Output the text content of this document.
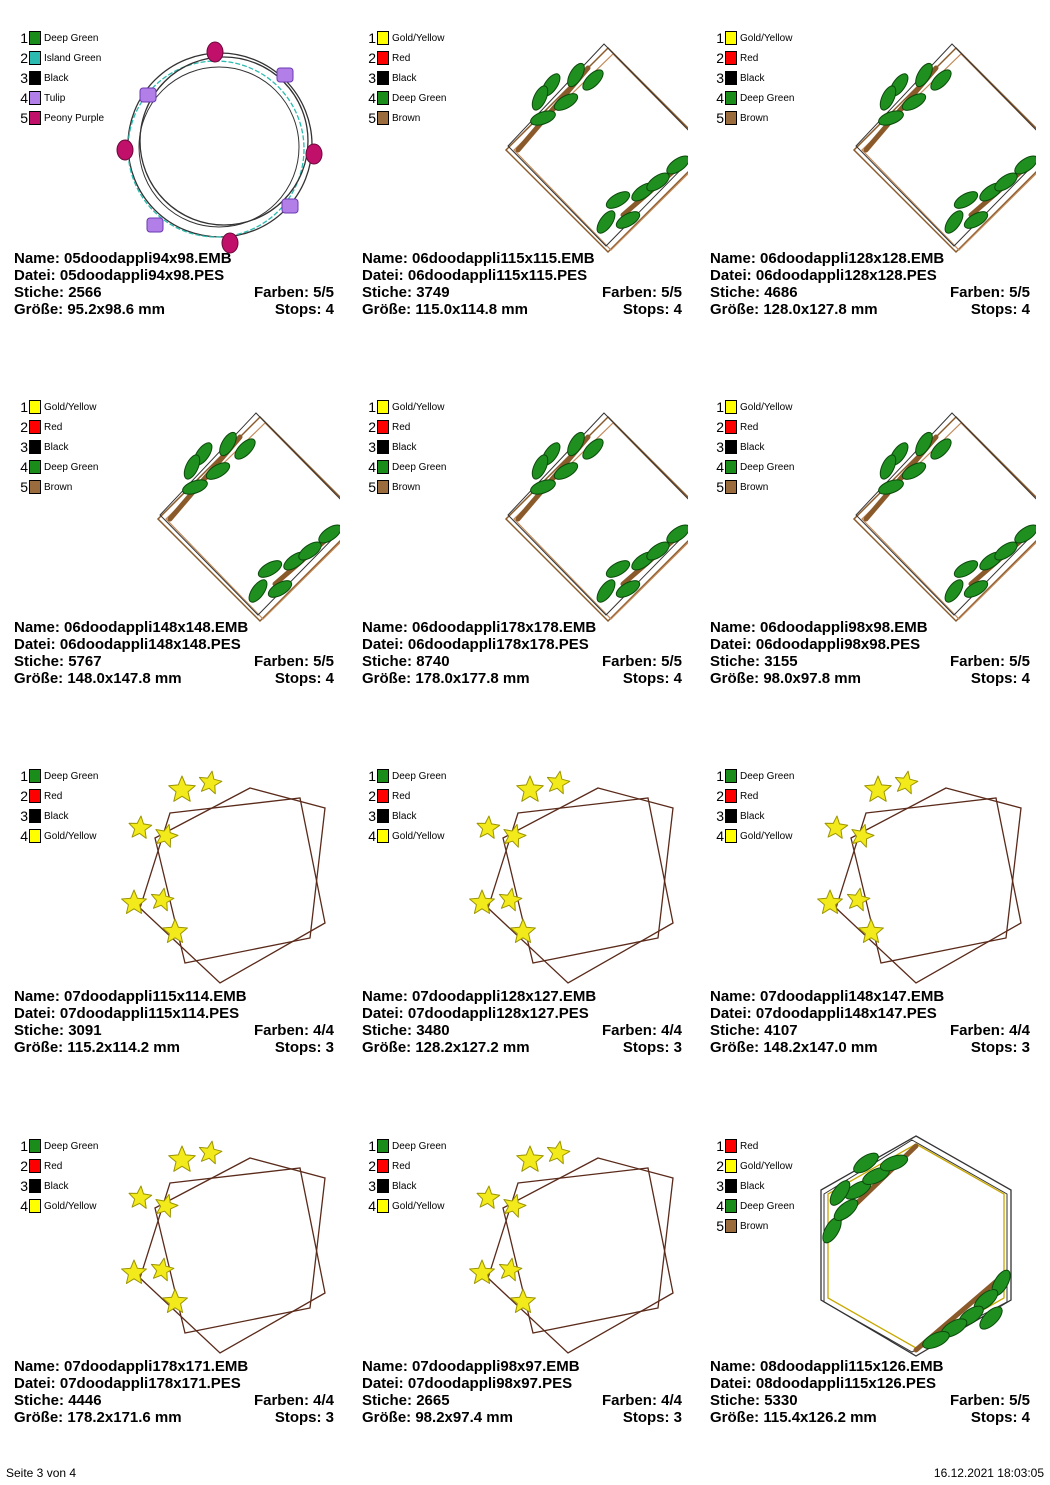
1 Deep Green
2 Island Green
3 Black
4 Tulip
5 Peony Purple
Name: 05doodappli94x98.EMB
Datei: 05doodappli94x98.PES
Stiche: 2566	Farben: 5/5
Größe: 95.2x98.6 mm	Stops: 4
1 Gold/Yellow
2 Red
3 Black
4 Deep Green
5 Brown
Name: 06doodappli115x115.EMB
Datei: 06doodappli115x115.PES
Stiche: 3749	Farben: 5/5
Größe: 115.0x114.8 mm	Stops: 4
1 Gold/Yellow
2 Red
3 Black
4 Deep Green
5 Brown
Name: 06doodappli128x128.EMB
Datei: 06doodappli128x128.PES
Stiche: 4686	Farben: 5/5
Größe: 128.0x127.8 mm	Stops: 4
1 Gold/Yellow
2 Red
3 Black
4 Deep Green
5 Brown
Name: 06doodappli148x148.EMB
Datei: 06doodappli148x148.PES
Stiche: 5767	Farben: 5/5
Größe: 148.0x147.8 mm	Stops: 4
1 Gold/Yellow
2 Red
3 Black
4 Deep Green
5 Brown
Name: 06doodappli178x178.EMB
Datei: 06doodappli178x178.PES
Stiche: 8740	Farben: 5/5
Größe: 178.0x177.8 mm	Stops: 4
1 Gold/Yellow
2 Red
3 Black
4 Deep Green
5 Brown
Name: 06doodappli98x98.EMB
Datei: 06doodappli98x98.PES
Stiche: 3155	Farben: 5/5
Größe: 98.0x97.8 mm	Stops: 4
1 Deep Green
2 Red
3 Black
4 Gold/Yellow
Name: 07doodappli115x114.EMB
Datei: 07doodappli115x114.PES
Stiche: 3091	Farben: 4/4
Größe: 115.2x114.2 mm	Stops: 3
1 Deep Green
2 Red
3 Black
4 Gold/Yellow
Name: 07doodappli128x127.EMB
Datei: 07doodappli128x127.PES
Stiche: 3480	Farben: 4/4
Größe: 128.2x127.2 mm	Stops: 3
1 Deep Green
2 Red
3 Black
4 Gold/Yellow
Name: 07doodappli148x147.EMB
Datei: 07doodappli148x147.PES
Stiche: 4107	Farben: 4/4
Größe: 148.2x147.0 mm	Stops: 3
1 Deep Green
2 Red
3 Black
4 Gold/Yellow
Name: 07doodappli178x171.EMB
Datei: 07doodappli178x171.PES
Stiche: 4446	Farben: 4/4
Größe: 178.2x171.6 mm	Stops: 3
1 Deep Green
2 Red
3 Black
4 Gold/Yellow
Name: 07doodappli98x97.EMB
Datei: 07doodappli98x97.PES
Stiche: 2665	Farben: 4/4
Größe: 98.2x97.4 mm	Stops: 3
1 Red
2 Gold/Yellow
3 Black
4 Deep Green
5 Brown
Name: 08doodappli115x126.EMB
Datei: 08doodappli115x126.PES
Stiche: 5330	Farben: 5/5
Größe: 115.4x126.2 mm	Stops: 4
Seite 3 von 4	16.12.2021 18:03:05
